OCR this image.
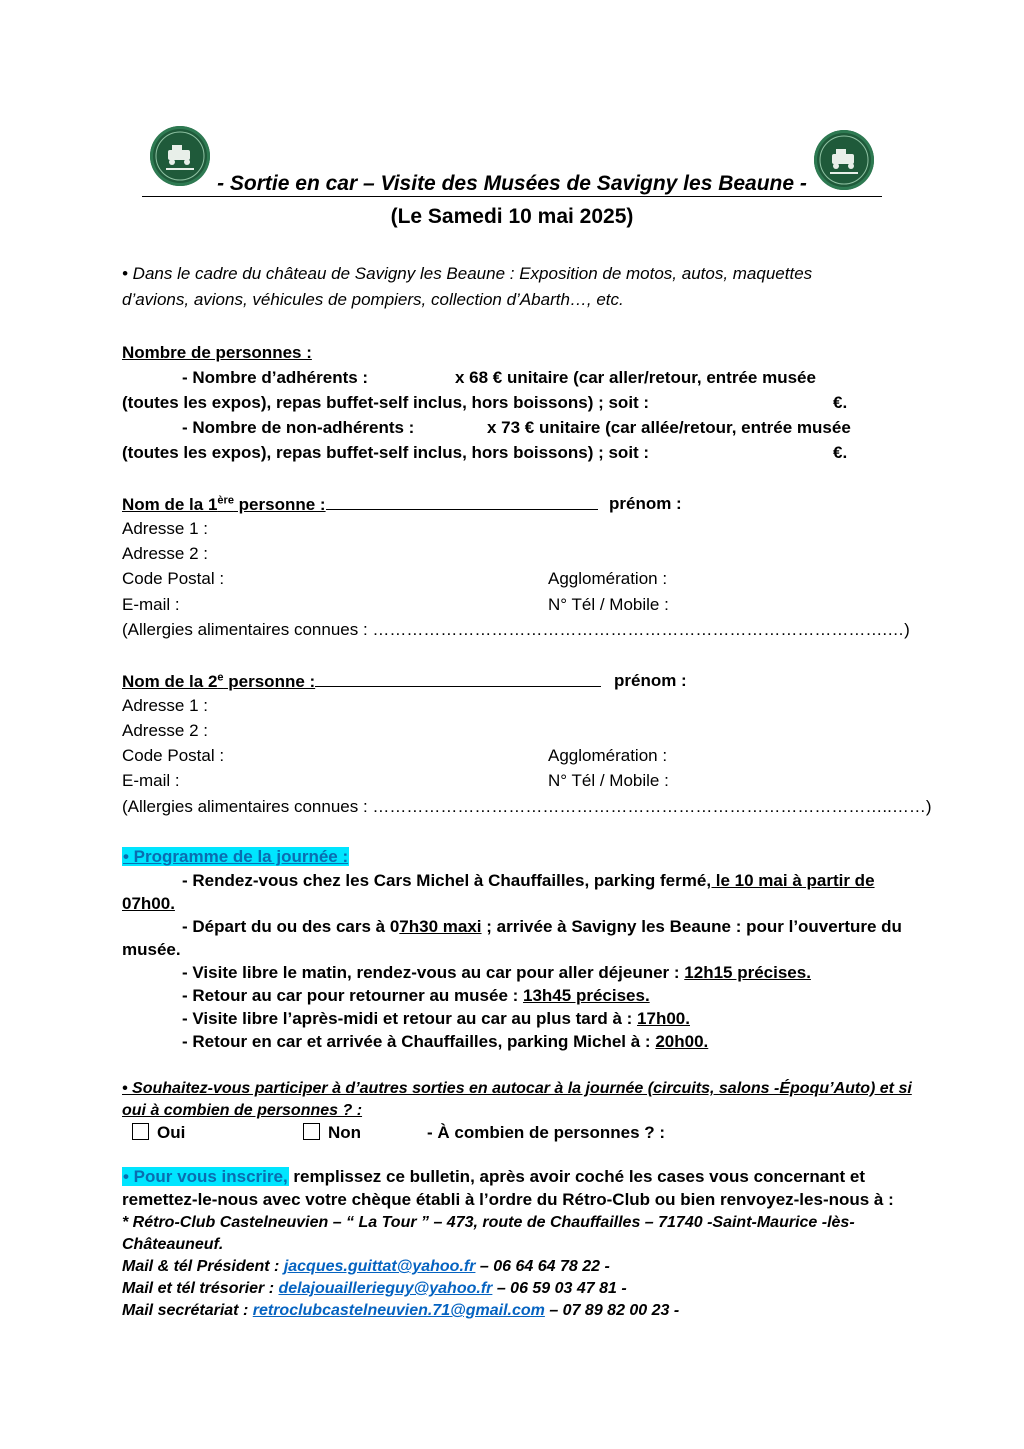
- Sortie en car – Visite des Musées de Savigny les Beaune -
(Le Samedi 10 mai 2025)
• Dans le cadre du château de Savigny les Beaune : Exposition de motos, autos, maquettes
d’avions, avions, véhicules de pompiers, collection d’Abarth…, etc.
Nombre de personnes :
- Nombre d’adhérents :	x 68 € unitaire (car aller/retour, entrée musée
(toutes les expos), repas buffet-self inclus, hors boissons) ; soit :	€.
- Nombre de non-adhérents :	x 73 € unitaire (car allée/retour, entrée musée
(toutes les expos), repas buffet-self inclus, hors boissons) ; soit :	€.
Nom de la 1ère personne :	prénom :
Adresse 1 :
Adresse 2 :
Code Postal :	Agglomération :
E-mail :	N° Tél / Mobile :
(Allergies alimentaires connues : ……………………………………………………………………………….…)
Nom de la 2e personne :	prénom :
Adresse 1 :
Adresse 2 :
Code Postal :	Agglomération :
E-mail :	N° Tél / Mobile :
(Allergies alimentaires connues : ………………………………………………………………………………..……)
• Programme de la journée :
- Rendez-vous chez les Cars Michel à Chauffailles, parking fermé, le 10 mai à partir de
07h00.
- Départ du ou des cars à 07h30 maxi ; arrivée à Savigny les Beaune : pour l’ouverture du
musée.
- Visite libre le matin, rendez-vous au car pour aller déjeuner : 12h15 précises.
- Retour au car pour retourner au musée : 13h45 précises.
- Visite libre l’après-midi et retour au car au plus tard à : 17h00.
- Retour en car et arrivée à Chauffailles, parking Michel à : 20h00.
• Souhaitez-vous participer à d’autres sorties en autocar à la journée (circuits, salons -Époqu’Auto) et si
oui à combien de personnes ? :
Oui	Non	- À combien de personnes ? :
• Pour vous inscrire, remplissez ce bulletin, après avoir coché les cases vous concernant et
remettez-le-nous avec votre chèque établi à l’ordre du Rétro-Club ou bien renvoyez-les-nous à :
* Rétro-Club Castelneuvien – “ La Tour ” – 473, route de Chauffailles – 71740 -Saint-Maurice -lès-
Châteauneuf.
Mail & tél Président : jacques.guittat@yahoo.fr – 06 64 64 78 22 -
Mail et tél trésorier : delajouaillerieguy@yahoo.fr – 06 59 03 47 81 -
Mail secrétariat : retroclubcastelneuvien.71@gmail.com – 07 89 82 00 23 -
